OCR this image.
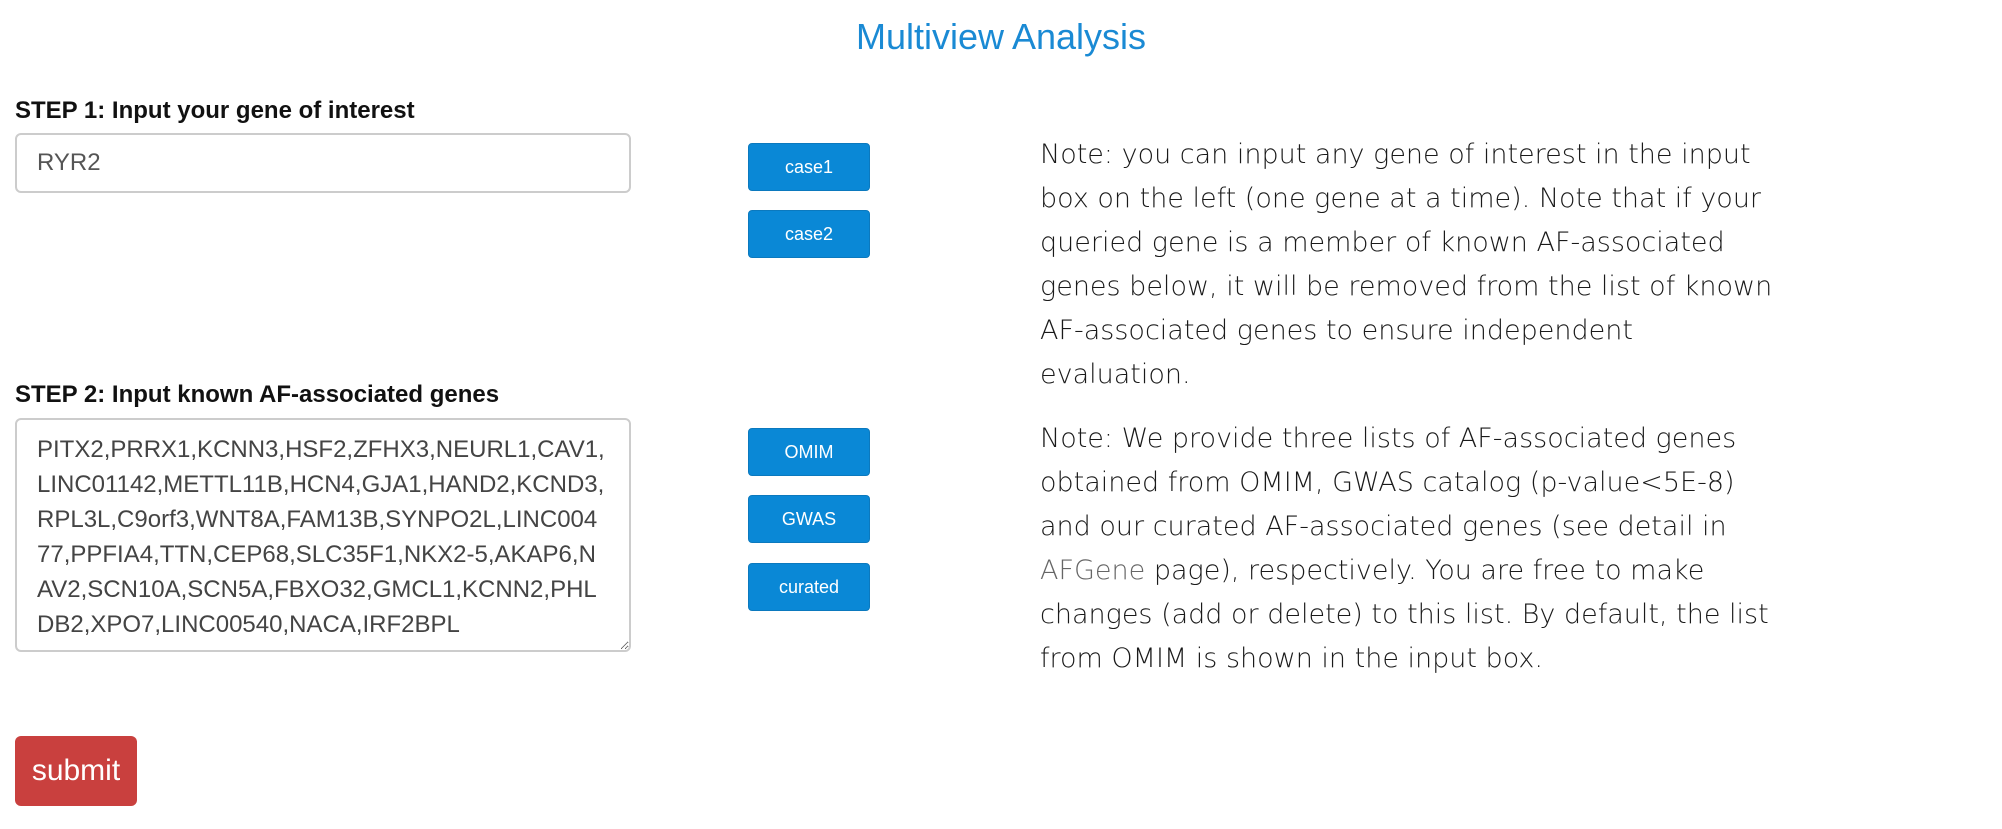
Multiview Analysis
STEP 1: Input your gene of interest
RYR2
case1
case2
Note: you can input any gene of interest in the input box on the left (one gene at a time). Note that if your queried gene is a member of known AF-associated genes below, it will be removed from the list of known AF-associated genes to ensure independent evaluation.
STEP 2: Input known AF-associated genes
PITX2,PRRX1,KCNN3,HSF2,ZFHX3,NEURL1,CAV1,LINC01142,METTL11B,HCN4,GJA1,HAND2,KCND3,RPL3L,C9orf3,WNT8A,FAM13B,SYNPO2L,LINC00477,PPFIA4,TTN,CEP68,SLC35F1,NKX2-5,AKAP6,NAV2,SCN10A,SCN5A,FBXO32,GMCL1,KCNN2,PHLDB2,XPO7,LINC00540,NACA,IRF2BPL
OMIM
GWAS
curated
Note: We provide three lists of AF-associated genes obtained from OMIM, GWAS catalog (p-value<5E-8) and our curated AF-associated genes (see detail in AFGene page), respectively. You are free to make changes (add or delete) to this list. By default, the list from OMIM is shown in the input box.
submit
